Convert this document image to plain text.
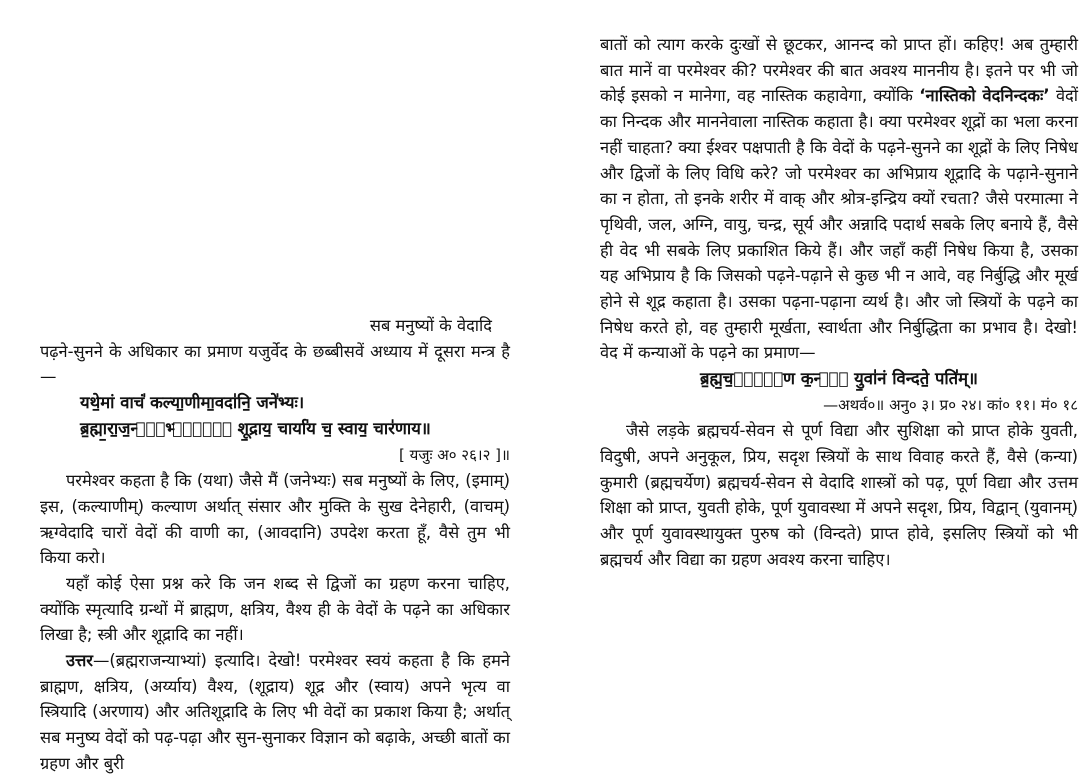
सब मनुष्यों के वेदादि

पढ़ने-सुनने के अधिकार का प्रमाण यजुर्वेद के छब्बीसवें अध्याय में दूसरा मन्त्र है—

यथे॒मां वाचं॑ कल्या॒णीमा॒वदा॑नि॒ जने॑भ्यः।

ब्र॒ह्मा॒रा॒ज॒न्या᳖भ्या᳖ᳫ्ं शू॒द्राय॒ चार्या॑य च॒ स्वाय॒ चार॑णाय॥

[ यजुः अ० २६।२ ]॥

परमेश्वर कहता है कि (यथा) जैसे मैं (जनेभ्यः) सब मनुष्यों के लिए, (इमाम्) इस, (कल्याणीम्) कल्याण अर्थात् संसार और मुक्ति के सुख देनेहारी, (वाचम्) ऋग्वेदादि चारों वेदों की वाणी का, (आवदानि) उपदेश करता हूँ, वैसे तुम भी किया करो।

यहाँ कोई ऐसा प्रश्न करे कि जन शब्द से द्विजों का ग्रहण करना चाहिए, क्योंकि स्मृत्यादि ग्रन्थों में ब्राह्मण, क्षत्रिय, वैश्य ही के वेदों के पढ़ने का अधिकार लिखा है; स्त्री और शूद्रादि का नहीं।

उत्तर—(ब्रह्मराजन्याभ्यां) इत्यादि। देखो! परमेश्वर स्वयं कहता है कि हमने ब्राह्मण, क्षत्रिय, (अर्य्याय) वैश्य, (शूद्राय) शूद्र और (स्वाय) अपने भृत्य वा स्त्रियादि (अरणाय) और अतिशूद्रादि के लिए भी वेदों का प्रकाश किया है; अर्थात् सब मनुष्य वेदों को पढ़-पढ़ा और सुन-सुनाकर विज्ञान को बढ़ाके, अच्छी बातों का ग्रहण और बुरी

बातों को त्याग करके दुःखों से छूटकर, आनन्द को प्राप्त हों। कहिए! अब तुम्हारी बात मानें वा परमेश्वर की? परमेश्वर की बात अवश्य माननीय है। इतने पर भी जो कोई इसको न मानेगा, वह नास्तिक कहावेगा, क्योंकि ‘नास्तिको वेदनिन्दकः’ वेदों का निन्दक और माननेवाला नास्तिक कहाता है। क्या परमेश्वर शूद्रों का भला करना नहीं चाहता? क्या ईश्वर पक्षपाती है कि वेदों के पढ़ने-सुनने का शूद्रों के लिए निषेध और द्विजों के लिए विधि करे? जो परमेश्वर का अभिप्राय शूद्रादि के पढ़ाने-सुनाने का न होता, तो इनके शरीर में वाक् और श्रोत्र-इन्द्रिय क्यों रचता? जैसे परमात्मा ने पृथिवी, जल, अग्नि, वायु, चन्द्र, सूर्य और अन्नादि पदार्थ सबके लिए बनाये हैं, वैसे ही वेद भी सबके लिए प्रकाशित किये हैं। और जहाँ कहीं निषेध किया है, उसका यह अभिप्राय है कि जिसको पढ़ने-पढ़ाने से कुछ भी न आवे, वह निर्बुद्धि और मूर्ख होने से शूद्र कहाता है। उसका पढ़ना-पढ़ाना व्यर्थ है। और जो स्त्रियों के पढ़ने का निषेध करते हो, वह तुम्हारी मूर्खता, स्वार्थता और निर्बुद्धिता का प्रभाव है। देखो! वेद में कन्याओं के पढ़ने का प्रमाण—

ब्र॒ह्म॒च॒र्ये᳚ण क॒न्या᳒ यु॒वा॑नं विन्दते॒ पति॑म्॥

—अथर्व०॥ अनु० ३। प्र० २४। कां० ११। मं० १८

जैसे लड़के ब्रह्मचर्य-सेवन से पूर्ण विद्या और सुशिक्षा को प्राप्त होके युवती, विदुषी, अपने अनुकूल, प्रिय, सदृश स्त्रियों के साथ विवाह करते हैं, वैसे (कन्या) कुमारी (ब्रह्मचर्येण) ब्रह्मचर्य-सेवन से वेदादि शास्त्रों को पढ़, पूर्ण विद्या और उत्तम शिक्षा को प्राप्त, युवती होके, पूर्ण युवावस्था में अपने सदृश, प्रिय, विद्वान् (युवानम्) और पूर्ण युवावस्थायुक्त पुरुष को (विन्दते) प्राप्त होवे, इसलिए स्त्रियों को भी ब्रह्मचर्य और विद्या का ग्रहण अवश्य करना चाहिए।
